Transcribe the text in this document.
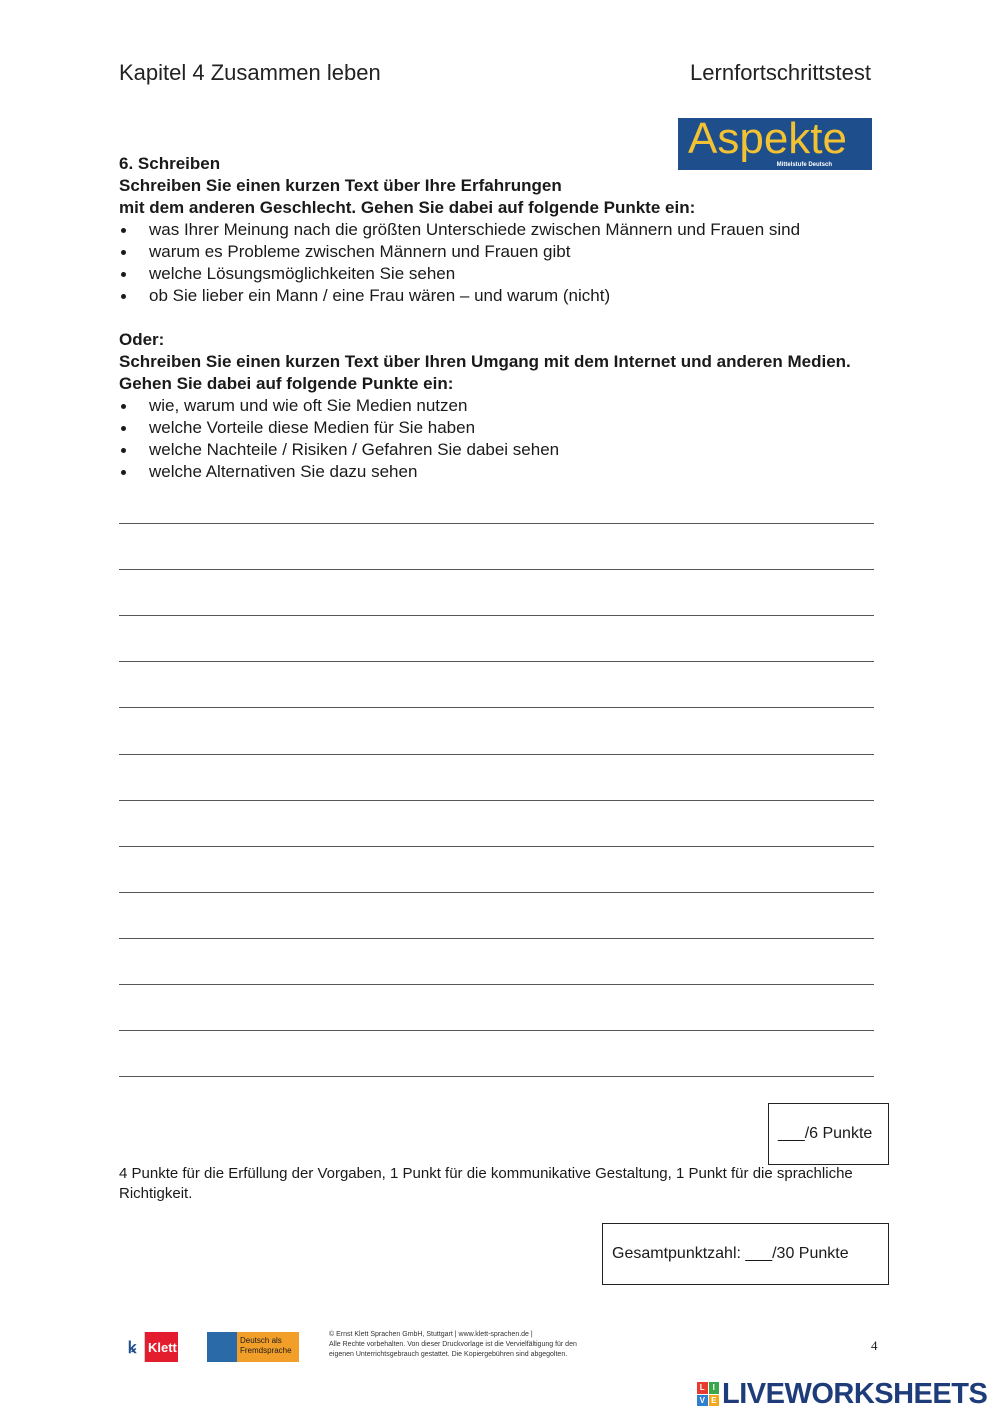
Kapitel 4 Zusammen leben	Lernfortschrittstest
Aspekte
Mittelstufe Deutsch
6. Schreiben
Schreiben Sie einen kurzen Text über Ihre Erfahrungen
mit dem anderen Geschlecht. Gehen Sie dabei auf folgende Punkte ein:
was Ihrer Meinung nach die größten Unterschiede zwischen Männern und Frauen sind
warum es Probleme zwischen Männern und Frauen gibt
welche Lösungsmöglichkeiten Sie sehen
ob Sie lieber ein Mann / eine Frau wären – und warum (nicht)
Oder:
Schreiben Sie einen kurzen Text über Ihren Umgang mit dem Internet und anderen Medien. Gehen Sie dabei auf folgende Punkte ein:
wie, warum und wie oft Sie Medien nutzen
welche Vorteile diese Medien für Sie haben
welche Nachteile / Risiken / Gefahren Sie dabei sehen
welche Alternativen Sie dazu sehen
___/6 Punkte
4 Punkte für die Erfüllung der Vorgaben, 1 Punkt für die kommunikative Gestaltung, 1 Punkt für die sprachliche Richtigkeit.
Gesamtpunktzahl: ___/30 Punkte
ꝃ Klett	Deutsch als Fremdsprache
© Ernst Klett Sprachen GmbH, Stuttgart | www.klett-sprachen.de |
Alle Rechte vorbehalten. Von dieser Druckvorlage ist die Vervielfältigung für den
eigenen Unterrichtsgebrauch gestattet. Die Kopiergebühren sind abgegolten.
4
L I
V E LIVEWORKSHEETS
